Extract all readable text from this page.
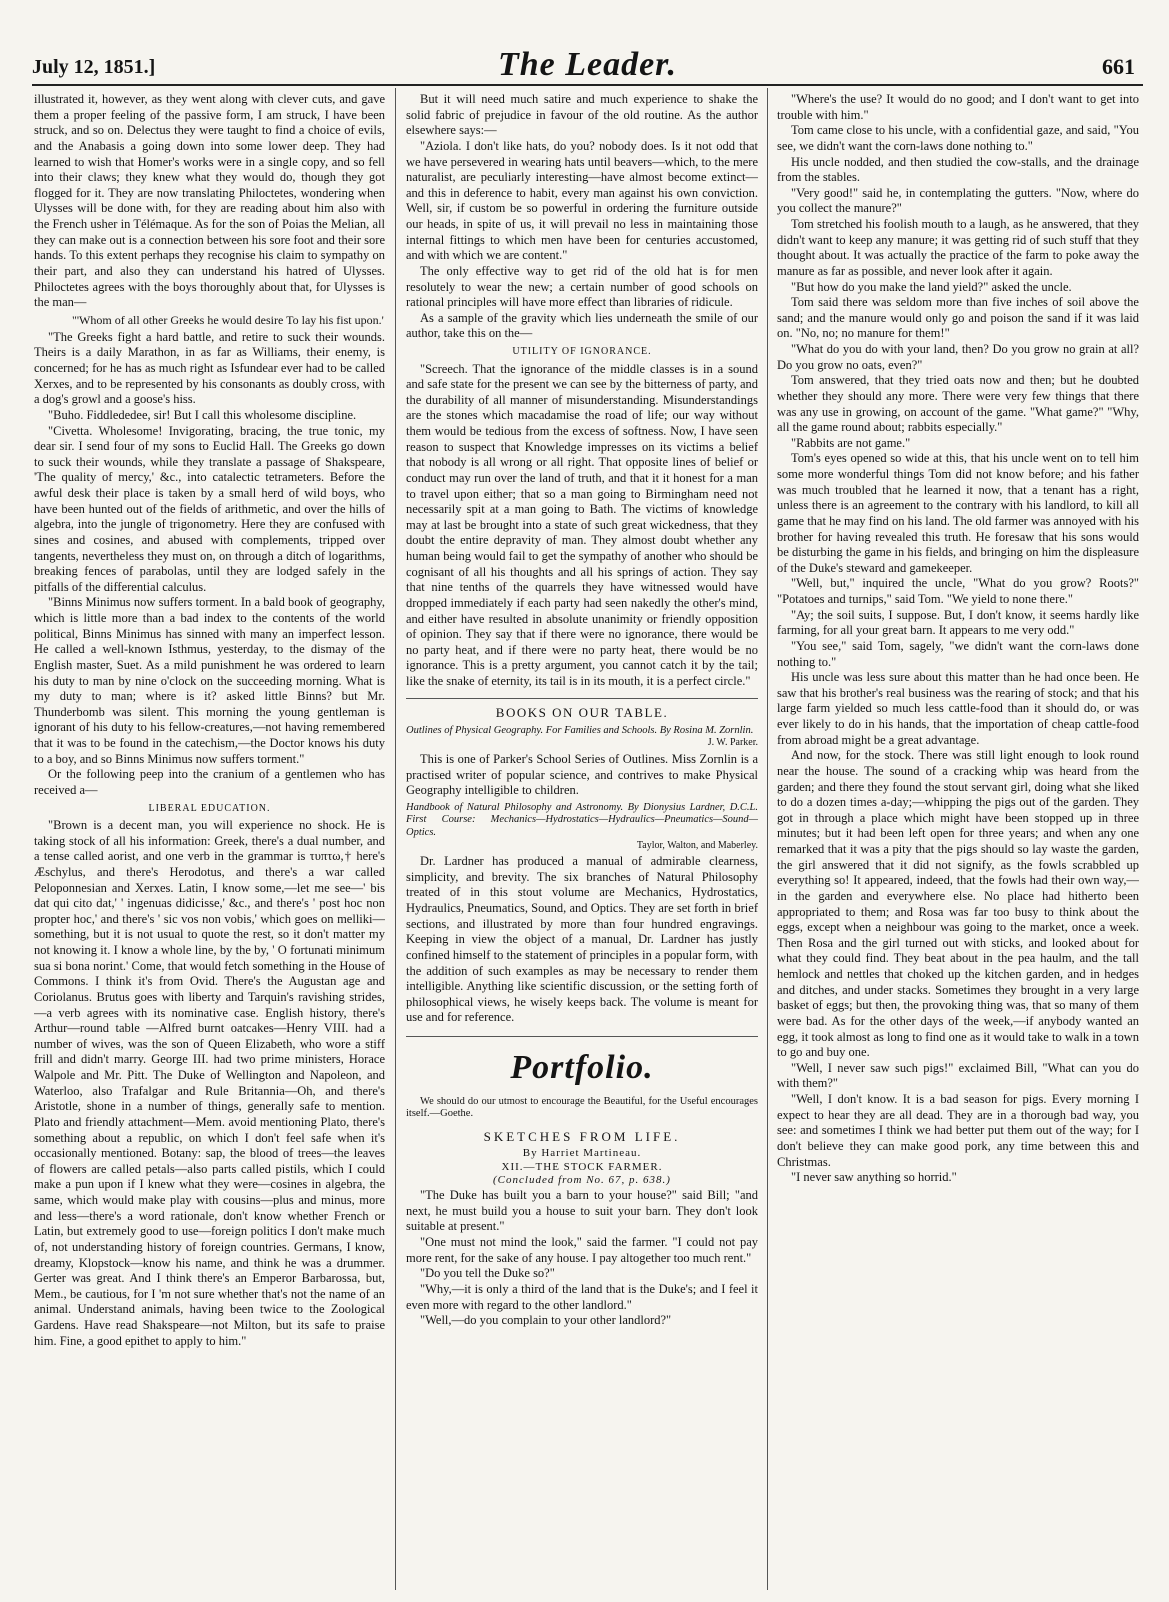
July 12, 1851.]	The Leader.	661

illustrated it, however, as they went along with clever cuts, and gave them a proper feeling of the passive form, I am struck, I have been struck, and so on. Delectus they were taught to find a choice of evils, and the Anabasis a going down into some lower deep. They had learned to wish that Homer's works were in a single copy, and so fell into their claws; they knew what they would do, though they got flogged for it. They are now translating Philoctetes, wondering when Ulysses will be done with, for they are reading about him also with the French usher in Télémaque. As for the son of Poias the Melian, all they can make out is a connection between his sore foot and their sore hands. To this extent perhaps they recognise his claim to sympathy on their part, and also they can understand his hatred of Ulysses. Philoctetes agrees with the boys thoroughly about that, for Ulysses is the man—

"'Whom of all other Greeks he would desire To lay his fist upon.'

"The Greeks fight a hard battle, and retire to suck their wounds. Theirs is a daily Marathon, in as far as Williams, their enemy, is concerned; for he has as much right as Isfundear ever had to be called Xerxes, and to be represented by his consonants as doubly cross, with a dog's growl and a goose's hiss.

"Buho. Fiddlededee, sir! But I call this wholesome discipline.

"Civetta. Wholesome! Invigorating, bracing, the true tonic, my dear sir. I send four of my sons to Euclid Hall. The Greeks go down to suck their wounds, while they translate a passage of Shakspeare, 'The quality of mercy,' &c., into catalectic tetrameters. Before the awful desk their place is taken by a small herd of wild boys, who have been hunted out of the fields of arithmetic, and over the hills of algebra, into the jungle of trigonometry. Here they are confused with sines and cosines, and abused with complements, tripped over tangents, nevertheless they must on, on through a ditch of logarithms, breaking fences of parabolas, until they are lodged safely in the pitfalls of the differential calculus.

"Binns Minimus now suffers torment. In a bald book of geography, which is little more than a bad index to the contents of the world political, Binns Minimus has sinned with many an imperfect lesson. He called a well-known Isthmus, yesterday, to the dismay of the English master, Suet. As a mild punishment he was ordered to learn his duty to man by nine o'clock on the succeeding morning. What is my duty to man; where is it? asked little Binns? but Mr. Thunderbomb was silent. This morning the young gentleman is ignorant of his duty to his fellow-creatures,—not having remembered that it was to be found in the catechism,—the Doctor knows his duty to a boy, and so Binns Minimus now suffers torment."

Or the following peep into the cranium of a gentlemen who has received a—

LIBERAL EDUCATION.

"Brown is a decent man, you will experience no shock. He is taking stock of all his information: Greek, there's a dual number, and a tense called aorist, and one verb in the grammar is τυπτω,† here's Æschylus, and there's Herodotus, and there's a war called Peloponnesian and Xerxes. Latin, I know some,—let me see—' bis dat qui cito dat,' ' ingenuas didicisse,' &c., and there's ' post hoc non propter hoc,' and there's ' sic vos non vobis,' which goes on melliki—something, but it is not usual to quote the rest, so it don't matter my not knowing it. I know a whole line, by the by, ' O fortunati minimum sua si bona norint.' Come, that would fetch something in the House of Commons. I think it's from Ovid. There's the Augustan age and Coriolanus. Brutus goes with liberty and Tarquin's ravishing strides,—a verb agrees with its nominative case. English history, there's Arthur—round table —Alfred burnt oatcakes—Henry VIII. had a number of wives, was the son of Queen Elizabeth, who wore a stiff frill and didn't marry. George III. had two prime ministers, Horace Walpole and Mr. Pitt. The Duke of Wellington and Napoleon, and Waterloo, also Trafalgar and Rule Britannia—Oh, and there's Aristotle, shone in a number of things, generally safe to mention. Plato and friendly attachment—Mem. avoid mentioning Plato, there's something about a republic, on which I don't feel safe when it's occasionally mentioned. Botany: sap, the blood of trees—the leaves of flowers are called petals—also parts called pistils, which I could make a pun upon if I knew what they were—cosines in algebra, the same, which would make play with cousins—plus and minus, more and less—there's a word rationale, don't know whether French or Latin, but extremely good to use—foreign politics I don't make much of, not understanding history of foreign countries. Germans, I know, dreamy, Klopstock—know his name, and think he was a drummer. Gerter was great. And I think there's an Emperor Barbarossa, but, Mem., be cautious, for I 'm not sure whether that's not the name of an animal. Understand animals, having been twice to the Zoological Gardens. Have read Shakspeare—not Milton, but its safe to praise him. Fine, a good epithet to apply to him."

But it will need much satire and much experience to shake the solid fabric of prejudice in favour of the old routine. As the author elsewhere says:—

"Aziola. I don't like hats, do you? nobody does. Is it not odd that we have persevered in wearing hats until beavers—which, to the mere naturalist, are peculiarly interesting—have almost become extinct—and this in deference to habit, every man against his own conviction. Well, sir, if custom be so powerful in ordering the furniture outside our heads, in spite of us, it will prevail no less in maintaining those internal fittings to which men have been for centuries accustomed, and with which we are content."

The only effective way to get rid of the old hat is for men resolutely to wear the new; a certain number of good schools on rational principles will have more effect than libraries of ridicule.

As a sample of the gravity which lies underneath the smile of our author, take this on the—

UTILITY OF IGNORANCE.

"Screech. That the ignorance of the middle classes is in a sound and safe state for the present we can see by the bitterness of party, and the durability of all manner of misunderstanding. Misunderstandings are the stones which macadamise the road of life; our way without them would be tedious from the excess of softness. Now, I have seen reason to suspect that Knowledge impresses on its victims a belief that nobody is all wrong or all right. That opposite lines of belief or conduct may run over the land of truth, and that it it honest for a man to travel upon either; that so a man going to Birmingham need not necessarily spit at a man going to Bath. The victims of knowledge may at last be brought into a state of such great wickedness, that they doubt the entire depravity of man. They almost doubt whether any human being would fail to get the sympathy of another who should be cognisant of all his thoughts and all his springs of action. They say that nine tenths of the quarrels they have witnessed would have dropped immediately if each party had seen nakedly the other's mind, and either have resulted in absolute unanimity or friendly opposition of opinion. They say that if there were no ignorance, there would be no party heat, and if there were no party heat, there would be no ignorance. This is a pretty argument, you cannot catch it by the tail; like the snake of eternity, its tail is in its mouth, it is a perfect circle."

BOOKS ON OUR TABLE.

Outlines of Physical Geography. For Families and Schools. By Rosina M. Zornlin.

J. W. Parker.

This is one of Parker's School Series of Outlines. Miss Zornlin is a practised writer of popular science, and contrives to make Physical Geography intelligible to children.

Handbook of Natural Philosophy and Astronomy. By Dionysius Lardner, D.C.L. First Course: Mechanics—Hydrostatics—Hydraulics—Pneumatics—Sound—Optics.

Taylor, Walton, and Maberley.

Dr. Lardner has produced a manual of admirable clearness, simplicity, and brevity. The six branches of Natural Philosophy treated of in this stout volume are Mechanics, Hydrostatics, Hydraulics, Pneumatics, Sound, and Optics. They are set forth in brief sections, and illustrated by more than four hundred engravings. Keeping in view the object of a manual, Dr. Lardner has justly confined himself to the statement of principles in a popular form, with the addition of such examples as may be necessary to render them intelligible. Anything like scientific discussion, or the setting forth of philosophical views, he wisely keeps back. The volume is meant for use and for reference.

Portfolio.

We should do our utmost to encourage the Beautiful, for the Useful encourages itself.—Goethe.

SKETCHES FROM LIFE.

By Harriet Martineau.

XII.—THE STOCK FARMER.

(Concluded from No. 67, p. 638.)

"The Duke has built you a barn to your house?" said Bill; "and next, he must build you a house to suit your barn. They don't look suitable at present."

"One must not mind the look," said the farmer. "I could not pay more rent, for the sake of any house. I pay altogether too much rent."

"Do you tell the Duke so?"

"Why,—it is only a third of the land that is the Duke's; and I feel it even more with regard to the other landlord."

"Well,—do you complain to your other landlord?"

"Where's the use? It would do no good; and I don't want to get into trouble with him."

Tom came close to his uncle, with a confidential gaze, and said, "You see, we didn't want the corn-laws done nothing to."

His uncle nodded, and then studied the cow-stalls, and the drainage from the stables.

"Very good!" said he, in contemplating the gutters. "Now, where do you collect the manure?"

Tom stretched his foolish mouth to a laugh, as he answered, that they didn't want to keep any manure; it was getting rid of such stuff that they thought about. It was actually the practice of the farm to poke away the manure as far as possible, and never look after it again.

"But how do you make the land yield?" asked the uncle.

Tom said there was seldom more than five inches of soil above the sand; and the manure would only go and poison the sand if it was laid on. "No, no; no manure for them!"

"What do you do with your land, then? Do you grow no grain at all? Do you grow no oats, even?"

Tom answered, that they tried oats now and then; but he doubted whether they should any more. There were very few things that there was any use in growing, on account of the game. "What game?" "Why, all the game round about; rabbits especially."

"Rabbits are not game."

Tom's eyes opened so wide at this, that his uncle went on to tell him some more wonderful things Tom did not know before; and his father was much troubled that he learned it now, that a tenant has a right, unless there is an agreement to the contrary with his landlord, to kill all game that he may find on his land. The old farmer was annoyed with his brother for having revealed this truth. He foresaw that his sons would be disturbing the game in his fields, and bringing on him the displeasure of the Duke's steward and gamekeeper.

"Well, but," inquired the uncle, "What do you grow? Roots?" "Potatoes and turnips," said Tom. "We yield to none there."

"Ay; the soil suits, I suppose. But, I don't know, it seems hardly like farming, for all your great barn. It appears to me very odd."

"You see," said Tom, sagely, "we didn't want the corn-laws done nothing to."

His uncle was less sure about this matter than he had once been. He saw that his brother's real business was the rearing of stock; and that his large farm yielded so much less cattle-food than it should do, or was ever likely to do in his hands, that the importation of cheap cattle-food from abroad might be a great advantage.

And now, for the stock. There was still light enough to look round near the house. The sound of a cracking whip was heard from the garden; and there they found the stout servant girl, doing what she liked to do a dozen times a-day;—whipping the pigs out of the garden. They got in through a place which might have been stopped up in three minutes; but it had been left open for three years; and when any one remarked that it was a pity that the pigs should so lay waste the garden, the girl answered that it did not signify, as the fowls scrabbled up everything so! It appeared, indeed, that the fowls had their own way,—in the garden and everywhere else. No place had hitherto been appropriated to them; and Rosa was far too busy to think about the eggs, except when a neighbour was going to the market, once a week. Then Rosa and the girl turned out with sticks, and looked about for what they could find. They beat about in the pea haulm, and the tall hemlock and nettles that choked up the kitchen garden, and in hedges and ditches, and under stacks. Sometimes they brought in a very large basket of eggs; but then, the provoking thing was, that so many of them were bad. As for the other days of the week,—if anybody wanted an egg, it took almost as long to find one as it would take to walk in a town to go and buy one.

"Well, I never saw such pigs!" exclaimed Bill, "What can you do with them?"

"Well, I don't know. It is a bad season for pigs. Every morning I expect to hear they are all dead. They are in a thorough bad way, you see: and sometimes I think we had better put them out of the way; for I don't believe they can make good pork, any time between this and Christmas.

"I never saw anything so horrid."
